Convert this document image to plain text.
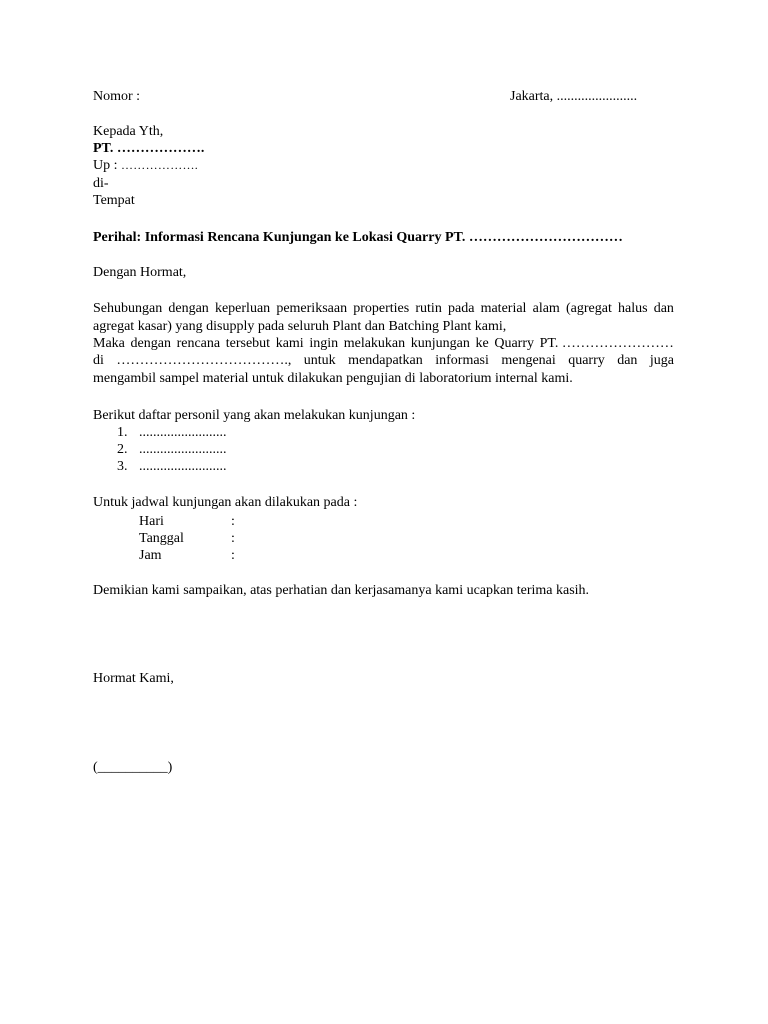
Nomor :	Jakarta, .......................
Kepada Yth,
PT. ……………….
Up : ……………….
di-
Tempat
Perihal: Informasi Rencana Kunjungan ke Lokasi Quarry PT. ……………………………
Dengan Hormat,
Sehubungan dengan keperluan pemeriksaan properties rutin pada material alam (agregat halus dan
agregat kasar) yang disupply pada seluruh Plant dan Batching Plant kami,
Maka dengan rencana tersebut kami ingin melakukan kunjungan ke Quarry PT. ……………………
di ………………………………., untuk mendapatkan informasi mengenai quarry dan juga
mengambil sampel material untuk dilakukan pengujian di laboratorium internal kami.
Berikut daftar personil yang akan melakukan kunjungan :
1. .........................
2. .........................
3. .........................
Untuk jadwal kunjungan akan dilakukan pada :
Hari	:
Tanggal	:
Jam	:
Demikian kami sampaikan, atas perhatian dan kerjasamanya kami ucapkan terima kasih.
Hormat Kami,
(__________)
